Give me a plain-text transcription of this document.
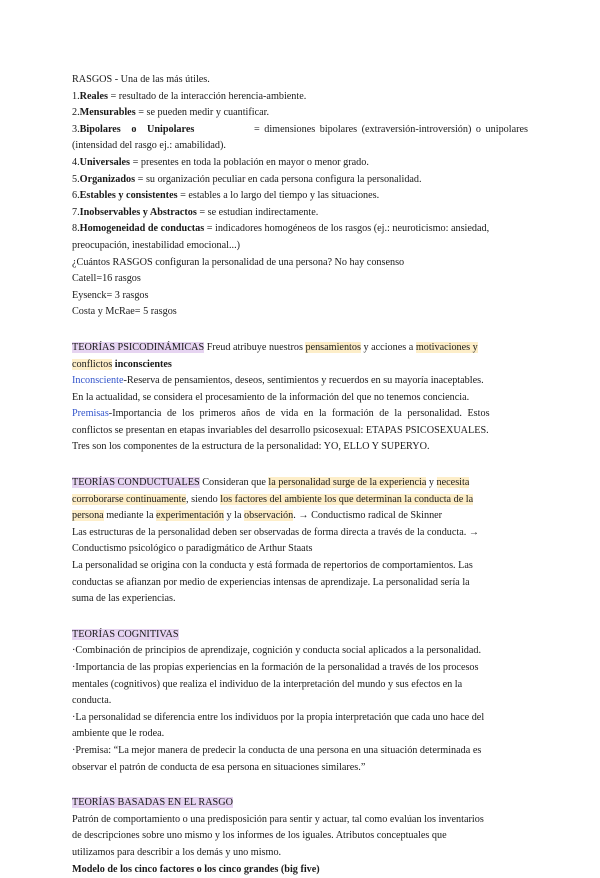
RASGOS - Una de las más útiles.
1.Reales = resultado de la interacción herencia-ambiente.
2.Mensurables = se pueden medir y cuantificar.
3.Bipolares o Unipolares	= dimensiones bipolares (extraversión-introversión) o unipolares
(intensidad del rasgo ej.: amabilidad).
4.Universales = presentes en toda la población en mayor o menor grado.
5.Organizados = su organización peculiar en cada persona configura la personalidad.
6.Estables y consistentes = estables a lo largo del tiempo y las situaciones.
7.Inobservables y Abstractos = se estudian indirectamente.
8.Homogeneidad de conductas = indicadores homogéneos de los rasgos (ej.: neuroticismo: ansiedad,
preocupación, inestabilidad emocional...)
¿Cuántos RASGOS configuran la personalidad de una persona? No hay consenso
Catell=16 rasgos
Eysenck= 3 rasgos
Costa y McRae= 5 rasgos
TEORÍAS PSICODINÁMICAS Freud atribuye nuestros pensamientos y acciones a motivaciones y
conflictos inconscientes
Inconsciente-Reserva de pensamientos, deseos, sentimientos y recuerdos en su mayoría inaceptables.
En la actualidad, se considera el procesamiento de la información del que no tenemos conciencia.
Premisas-Importancia de los primeros años de vida en la formación de la personalidad. Estos
conflictos se presentan en etapas invariables del desarrollo psicosexual: ETAPAS PSICOSEXUALES.
Tres son los componentes de la estructura de la personalidad: YO, ELLO Y SUPERYO.
TEORÍAS CONDUCTUALES Consideran que la personalidad surge de la experiencia y necesita
corroborarse continuamente, siendo los factores del ambiente los que determinan la conducta de la
persona mediante la experimentación y la observación. → Conductismo radical de Skinner
Las estructuras de la personalidad deben ser observadas de forma directa a través de la conducta. →
Conductismo psicológico o paradigmático de Arthur Staats
La personalidad se origina con la conducta y está formada de repertorios de comportamientos. Las
conductas se afianzan por medio de experiencias intensas de aprendizaje. La personalidad sería la
suma de las experiencias.
TEORÍAS COGNITIVAS
·Combinación de principios de aprendizaje, cognición y conducta social aplicados a la personalidad.
·Importancia de las propias experiencias en la formación de la personalidad a través de los procesos
mentales (cognitivos) que realiza el individuo de la interpretación del mundo y sus efectos en la
conducta.
·La personalidad se diferencia entre los individuos por la propia interpretación que cada uno hace del
ambiente que le rodea.
·Premisa: “La mejor manera de predecir la conducta de una persona en una situación determinada es
observar el patrón de conducta de esa persona en situaciones similares.”
TEORÍAS BASADAS EN EL RASGO
Patrón de comportamiento o una predisposición para sentir y actuar, tal como evalúan los inventarios
de descripciones sobre uno mismo y los informes de los iguales. Atributos conceptuales que
utilizamos para describir a los demás y uno mismo.
Modelo de los cinco factores o los cinco grandes (big five)
